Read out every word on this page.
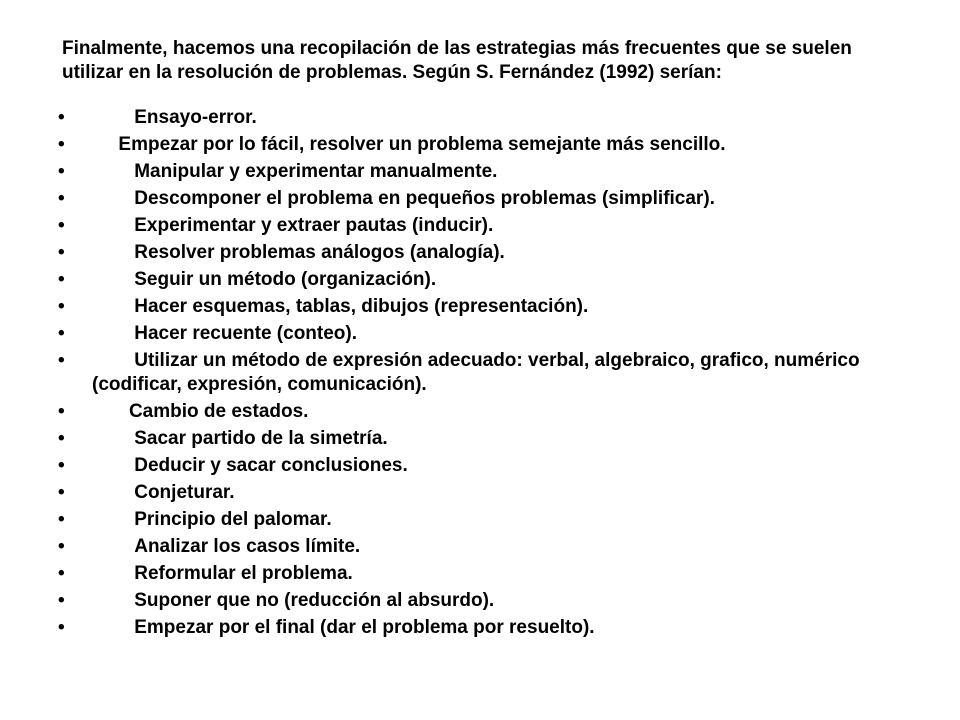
Finalmente, hacemos una recopilación de las estrategias más frecuentes que se suelen utilizar en la resolución de problemas. Según S. Fernández (1992) serían:

•	Ensayo-error.
•	Empezar por lo fácil, resolver un problema semejante más sencillo.
•	Manipular y experimentar manualmente.
•	Descomponer el problema en pequeños problemas (simplificar).
•	Experimentar y extraer pautas (inducir).
•	Resolver problemas análogos (analogía).
•	Seguir un método (organización).
•	Hacer esquemas, tablas, dibujos (representación).
•	Hacer recuente (conteo).
•	Utilizar un método de expresión adecuado: verbal, algebraico, grafico, numérico (codificar, expresión, comunicación).
•	Cambio de estados.
•	Sacar partido de la simetría.
•	Deducir y sacar conclusiones.
•	Conjeturar.
•	Principio del palomar.
•	Analizar los casos límite.
•	Reformular el problema.
•	Suponer que no (reducción al absurdo).
•	Empezar por el final (dar el problema por resuelto).
